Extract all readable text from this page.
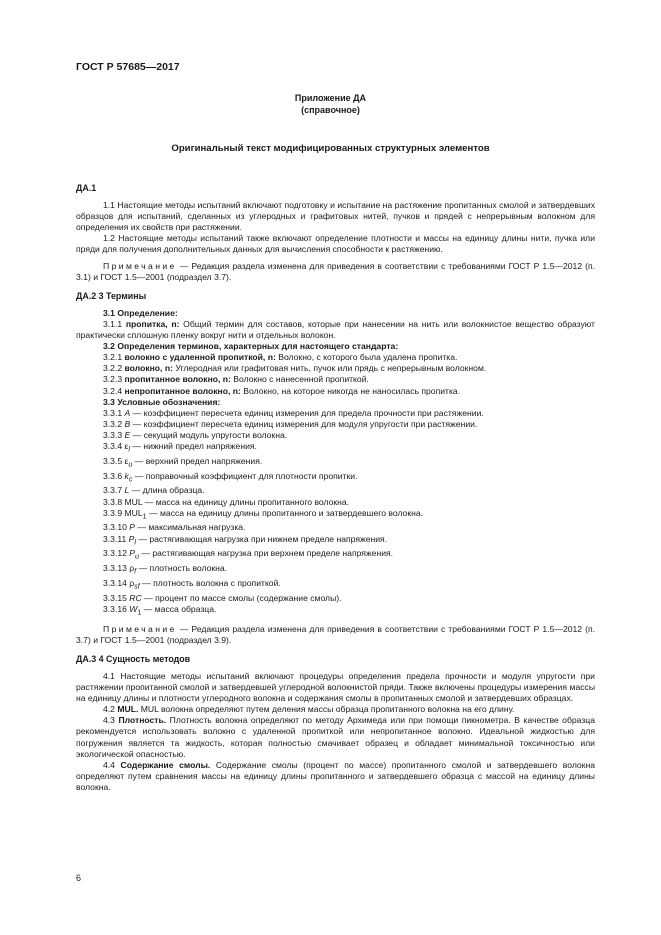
ГОСТ Р 57685—2017
Приложение ДА
(справочное)
Оригинальный текст модифицированных структурных элементов
ДА.1

1.1 Настоящие методы испытаний включают подготовку и испытание на растяжение пропитанных смолой и затвердевших образцов для испытаний, сделанных из углеродных и графитовых нитей, пучков и прядей с непрерывным волокном для определения их свойств при растяжении.

1.2 Настоящие методы испытаний также включают определение плотности и массы на единицу длины нити, пучка или пряди для получения дополнительных данных для вычисления способности к растяжению.

Примечание — Редакция раздела изменена для приведения в соответствии с требованиями ГОСТ Р 1.5—2012 (п. 3.1) и ГОСТ 1.5—2001 (подраздел 3.7).

ДА.2 3 Термины

3.1 Определение:

3.1.1 пропитка, n: Общий термин для составов, которые при нанесении на нить или волокнистое вещество образуют практически сплошную пленку вокруг нити и отдельных волокон.

3.2 Определения терминов, характерных для настоящего стандарта:

3.2.1 волокно с удаленной пропиткой, n: Волокно, с которого была удалена пропитка.

3.2.2 волокно, n: Углеродная или графитовая нить, пучок или прядь с непрерывным волокном.

3.2.3 пропитанное волокно, n: Волокно с нанесенной пропиткой.

3.2.4 непропитанное волокно, n: Волокно, на которое никогда не наносилась пропитка.

3.3 Условные обозначения:

3.3.1 A — коэффициент пересчета единиц измерения для предела прочности при растяжении.

3.3.2 B — коэффициент пересчета единиц измерения для модуля упругости при растяжении.

3.3.3 E — секущий модуль упругости волокна.

3.3.4 $\varepsilon_l$ — нижний предел напряжения.

3.3.5 $\varepsilon_u$ — верхний предел напряжения.

3.3.6 $k_c$ — поправочный коэффициент для плотности пропитки.

3.3.7 L — длина образца.

3.3.8 MUL — масса на единицу длины пропитанного волокна.

3.3.9 $MUL_1$ — масса на единицу длины пропитанного и затвердевшего волокна.

3.3.10 P — максимальная нагрузка.

3.3.11 $P_l$ — растягивающая нагрузка при нижнем пределе напряжения.

3.3.12 $P_u$ — растягивающая нагрузка при верхнем пределе напряжения.

3.3.13 $\rho_f$ — плотность волокна.

3.3.14 $\rho_{sf}$ — плотность волокна с пропиткой.

3.3.15 RC — процент по массе смолы (содержание смолы).

3.3.16 $W_1$ — масса образца.

Примечание — Редакция раздела изменена для приведения в соответствии с требованиями ГОСТ Р 1.5—2012 (п. 3.7) и ГОСТ 1.5—2001 (подраздел 3.9).

ДА.3 4 Сущность методов

4.1 Настоящие методы испытаний включают процедуры определения предела прочности и модуля упругости при растяжении пропитанной смолой и затвердевшей углеродной волокнистой пряди. Также включены процедуры измерения массы на единицу длины и плотности углеродного волокна и содержания смолы в пропитанных смолой и затвердевших образцах.

4.2 MUL. MUL волокна определяют путем деления массы образца пропитанного волокна на его длину.

4.3 Плотность. Плотность волокна определяют по методу Архимеда или при помощи пикнометра. В качестве образца рекомендуется использовать волокно с удаленной пропиткой или непропитанное волокно. Идеальной жидкостью для погружения является та жидкость, которая полностью смачивает образец и обладает минимальной токсичностью или экологической опасностью.

4.4 Содержание смолы. Содержание смолы (процент по массе) пропитанного смолой и затвердевшего волокна определяют путем сравнения массы на единицу длины пропитанного и затвердевшего образца с массой на единицу длины волокна.

6
